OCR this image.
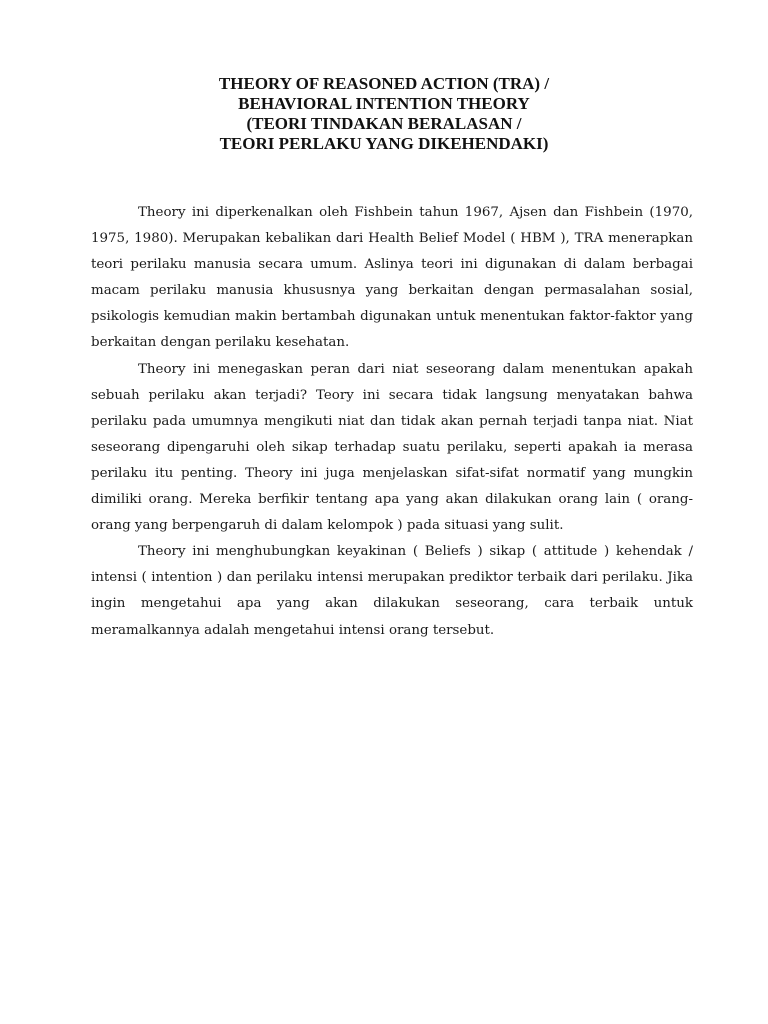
THEORY OF REASONED ACTION (TRA) /
BEHAVIORAL INTENTION THEORY
(TEORI TINDAKAN BERALASAN /
TEORI PERLAKU YANG DIKEHENDAKI)

Theory ini diperkenalkan oleh Fishbein tahun 1967, Ajsen dan Fishbein (1970, 1975, 1980). Merupakan kebalikan dari Health Belief Model ( HBM ), TRA menerapkan teori perilaku manusia secara umum. Aslinya teori ini digunakan di dalam berbagai macam perilaku manusia khususnya yang berkaitan dengan permasalahan sosial, psikologis kemudian makin bertambah digunakan untuk menentukan faktor-faktor yang berkaitan dengan perilaku kesehatan.

Theory ini menegaskan peran dari niat seseorang dalam menentukan apakah sebuah perilaku akan terjadi? Teory ini secara tidak langsung menyatakan bahwa perilaku pada umumnya mengikuti niat dan tidak akan pernah terjadi tanpa niat. Niat seseorang dipengaruhi oleh sikap terhadap suatu perilaku, seperti apakah ia merasa perilaku itu penting. Theory ini juga menjelaskan sifat-sifat normatif yang mungkin dimiliki orang. Mereka berfikir tentang apa yang akan dilakukan orang lain ( orang-orang yang berpengaruh di dalam kelompok ) pada situasi yang sulit.

Theory ini menghubungkan keyakinan ( Beliefs ) sikap ( attitude ) kehendak / intensi ( intention ) dan perilaku intensi merupakan prediktor terbaik dari perilaku. Jika ingin mengetahui apa yang akan dilakukan seseorang, cara terbaik untuk meramalkannya adalah mengetahui intensi orang tersebut.
